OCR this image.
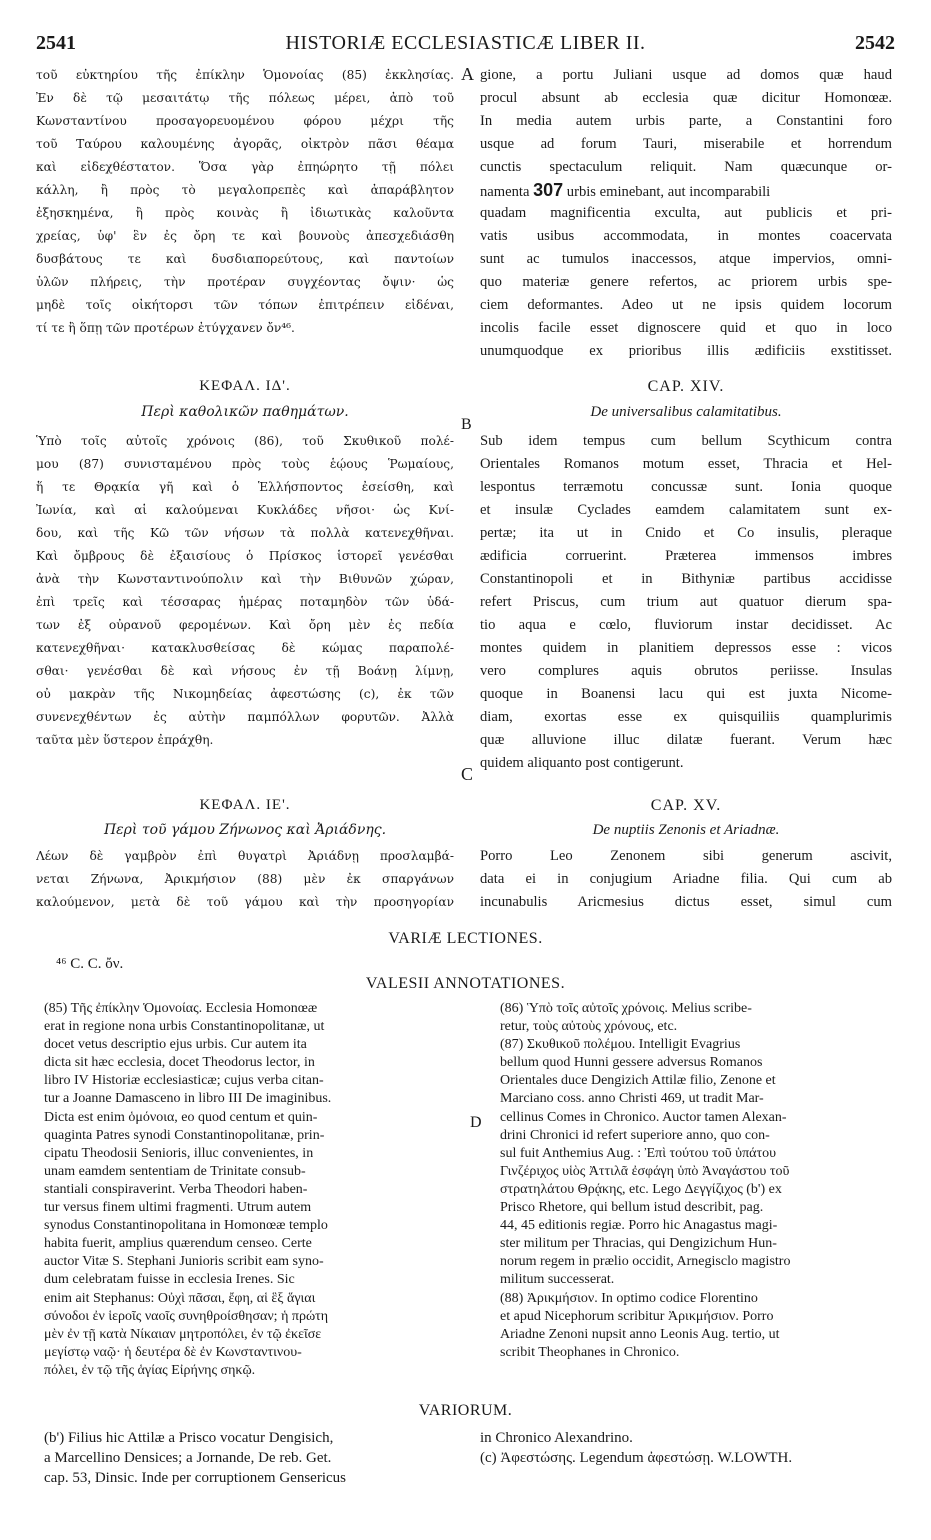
2541	HISTORIÆ ECCLESIASTICÆ LIBER II.	2542
τοῦ εὐκτηρίου τῆς ἐπίκλην Ὁμονοίας (85) ἐκκλησίας.
Ἐν δὲ τῷ μεσαιτάτῳ τῆς πόλεως μέρει, ἀπὸ τοῦ
Κωνσταντίνου προσαγορευομένου φόρου μέχρι τῆς
τοῦ Ταύρου καλουμένης ἀγορᾶς, οἰκτρὸν πᾶσι θέαμα
καὶ εἰδεχθέστατον. Ὅσα γὰρ ἐπηώρητο τῇ πόλει
κάλλη, ἢ πρὸς τὸ μεγαλοπρεπὲς καὶ ἀπαράβλητον
ἐξησκημένα, ἢ πρὸς κοινὰς ἢ ἰδιωτικὰς καλοῦντα
χρείας, ὑφ' ἓν ἐς ὄρη τε καὶ βουνοὺς ἀπεσχεδιάσθη
δυσβάτους τε καὶ δυσδιαπορεύτους, καὶ παντοίων
ὑλῶν πλήρεις, τὴν προτέραν συγχέοντας ὄψιν· ὡς
μηδὲ τοῖς οἰκήτορσι τῶν τόπων ἐπιτρέπειν εἰδέναι,
τί τε ἢ ὅπῃ τῶν προτέρων ἐτύγχανεν ὄν⁴⁶.
A gione, a portu Juliani usque ad domos quæ haud
procul absunt ab ecclesia quæ dicitur Homonœæ.
In media autem urbis parte, a Constantini foro
usque ad forum Tauri, miserabile et horrendum
cunctis spectaculum reliquit. Nam quæcunque or-
namenta 307 urbis eminebant, aut incomparabili
quadam magnificentia exculta, aut publicis et pri-
vatis usibus accommodata, in montes coacervata
sunt ac tumulos inaccessos, atque impervios, omni-
quo materiæ genere refertos, ac priorem urbis spe-
ciem deformantes. Adeo ut ne ipsis quidem locorum
incolis facile esset dignoscere quid et quo in loco
unumquodque ex prioribus illis ædificiis exstitisset.
ΚΕΦΑΛ. ΙΔ'.	CAP. XIV.
Περὶ καθολικῶν παθημάτων.	De universalibus calamitatibus.
B
Ὑπὸ τοῖς αὐτοῖς χρόνοις (86), τοῦ Σκυθικοῦ πολέ-
μου (87) συνισταμένου πρὸς τοὺς ἑῴους Ῥωμαίους,
ἥ τε Θρᾳκία γῆ καὶ ὁ Ἑλλήσποντος ἐσείσθη, καὶ
Ἰωνία, καὶ αἱ καλούμεναι Κυκλάδες νῆσοι· ὡς Κνί-
δου, καὶ τῆς Κῶ τῶν νήσων τὰ πολλὰ κατενεχθῆναι.
Καὶ ὄμβρους δὲ ἐξαισίους ὁ Πρίσκος ἱστορεῖ γενέσθαι
ἀνὰ τὴν Κωνσταντινούπολιν καὶ τὴν Βιθυνῶν χώραν,
ἐπὶ τρεῖς καὶ τέσσαρας ἡμέρας ποταμηδὸν τῶν ὑδά-
των ἐξ οὐρανοῦ φερομένων. Καὶ ὄρη μὲν ἐς πεδία
κατενεχθῆναι· κατακλυσθείσας δὲ κώμας παραπολέ-
σθαι· γενέσθαι δὲ καὶ νήσους ἐν τῇ Βοάνῃ λίμνῃ,
οὐ μακρὰν τῆς Νικομηδείας ἀφεστώσης (c), ἐκ τῶν
συνενεχθέντων ἐς αὐτὴν παμπόλλων φορυτῶν. Ἀλλὰ
ταῦτα μὲν ὕστερον ἐπράχθη.
Sub idem tempus cum bellum Scythicum contra
Orientales Romanos motum esset, Thracia et Hel-
lespontus terræmotu concussæ sunt. Ionia quoque
et insulæ Cyclades eamdem calamitatem sunt ex-
pertæ; ita ut in Cnido et Co insulis, pleraque
ædificia corruerint. Præterea immensos imbres
Constantinopoli et in Bithyniæ partibus accidisse
refert Priscus, cum trium aut quatuor dierum spa-
tio aqua e cœlo, fluviorum instar decidisset. Ac
montes quidem in planitiem depressos esse : vicos
vero complures aquis obrutos periisse. Insulas
quoque in Boanensi lacu qui est juxta Nicome-
diam, exortas esse ex quisquiliis quamplurimis
quæ alluvione illuc dilatæ fuerant. Verum hæc
quidem aliquanto post contigerunt.
C
ΚΕΦΑΛ. ΙΕ'.	CAP. XV.
Περὶ τοῦ γάμου Ζήνωνος καὶ Ἀριάδνης.	De nuptiis Zenonis et Ariadnæ.
Λέων δὲ γαμβρὸν ἐπὶ θυγατρὶ Ἀριάδνῃ προσλαμβά-
νεται Ζήνωνα, Ἀρικμήσιον (88) μὲν ἐκ σπαργάνων
καλούμενον, μετὰ δὲ τοῦ γάμου καὶ τὴν προσηγορίαν
Porro Leo Zenonem sibi generum ascivit,
data ei in conjugium Ariadne filia. Qui cum ab
incunabulis Aricmesius dictus esset, simul cum
VARIÆ LECTIONES.
⁴⁶ C. C. ὄν.
VALESII ANNOTATIONES.
(85) Τῆς ἐπίκλην Ὁμονοίας. Ecclesia Homonœæ
erat in regione nona urbis Constantinopolitanæ, ut
docet vetus descriptio ejus urbis. Cur autem ita
dicta sit hæc ecclesia, docet Theodorus lector, in
libro IV Historiæ ecclesiasticæ; cujus verba citan-
tur a Joanne Damasceno in libro III De imaginibus.
Dicta est enim ὁμόνοια, eo quod centum et quin-
quaginta Patres synodi Constantinopolitanæ, prin-
cipatu Theodosii Senioris, illuc convenientes, in
unam eamdem sententiam de Trinitate consub-
stantiali conspiraverint. Verba Theodori haben-
tur versus finem ultimi fragmenti. Utrum autem
synodus Constantinopolitana in Homonœæ templo
habita fuerit, amplius quærendum censeo. Certe
auctor Vitæ S. Stephani Junioris scribit eam syno-
dum celebratam fuisse in ecclesia Irenes. Sic
enim ait Stephanus: Οὐχὶ πᾶσαι, ἔφη, αἱ ἓξ ἅγιαι
σύνοδοι ἐν ἱεροῖς ναοῖς συνηθροίσθησαν; ἡ πρώτη
μὲν ἐν τῇ κατὰ Νίκαιαν μητροπόλει, ἐν τῷ ἐκεῖσε
μεγίστῳ ναῷ· ἡ δευτέρα δὲ ἐν Κωνσταντινου-
πόλει, ἐν τῷ τῆς ἁγίας Εἰρήνης σηκῷ.
D
(86) Ὑπὸ τοῖς αὐτοῖς χρόνοις. Melius scribe-
retur, τοὺς αὐτοὺς χρόνους, etc.
(87) Σκυθικοῦ πολέμου. Intelligit Evagrius
bellum quod Hunni gessere adversus Romanos
Orientales duce Dengizich Attilæ filio, Zenone et
Marciano coss. anno Christi 469, ut tradit Mar-
cellinus Comes in Chronico. Auctor tamen Alexan-
drini Chronici id refert superiore anno, quo con-
sul fuit Anthemius Aug. : Ἐπὶ τούτου τοῦ ὑπάτου
Γινζέριχος υἱὸς Ἀττιλᾶ ἐσφάγη ὑπὸ Ἀναγάστου τοῦ
στρατηλάτου Θρᾴκης, etc. Lego Δεγγίζιχος (b') ex
Prisco Rhetore, qui bellum istud describit, pag.
44, 45 editionis regiæ. Porro hic Anagastus magi-
ster militum per Thracias, qui Dengizichum Hun-
norum regem in prælio occidit, Arnegisclo magistro
militum successerat.
(88) Ἀρικμήσιον. In optimo codice Florentino
et apud Nicephorum scribitur Ἀρικμήσιον. Porro
Ariadne Zenoni nupsit anno Leonis Aug. tertio, ut
scribit Theophanes in Chronico.
VARIORUM.
(b') Filius hic Attilæ a Prisco vocatur Dengisich,
a Marcellino Densices; a Jornande, De reb. Get.
cap. 53, Dinsic. Inde per corruptionem Gensericus
in Chronico Alexandrino.
(c) Ἀφεστώσης. Legendum ἀφεστώσῃ. W.LOWTH.
